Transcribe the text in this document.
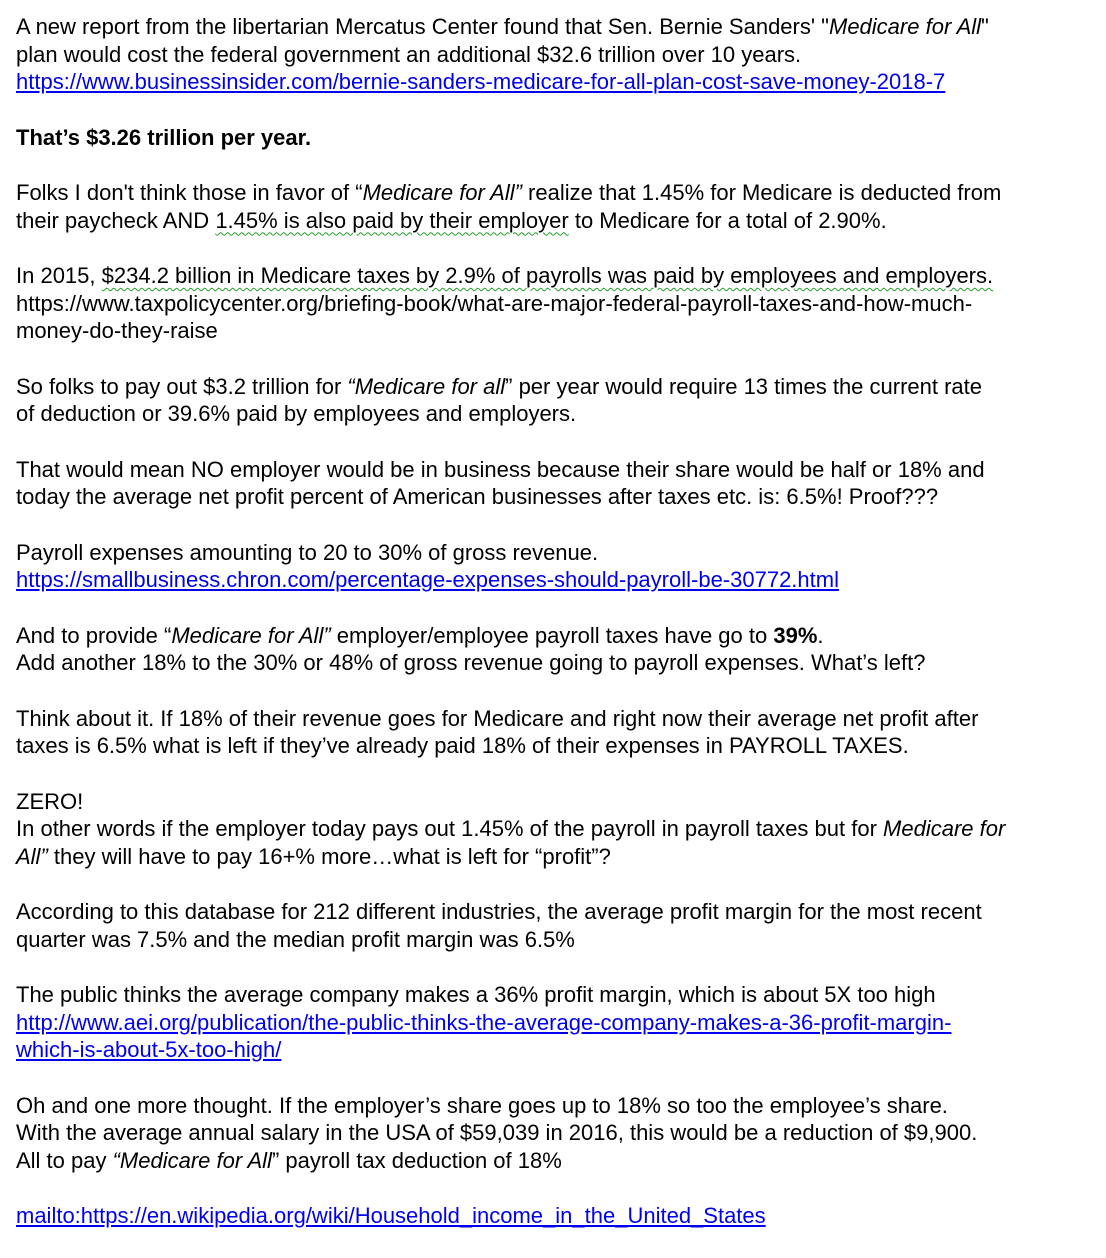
A new report from the libertarian Mercatus Center found that Sen. Bernie Sanders' "Medicare for All"
plan would cost the federal government an additional $32.6 trillion over 10 years.
https://www.businessinsider.com/bernie-sanders-medicare-for-all-plan-cost-save-money-2018-7

That’s $3.26 trillion per year.

Folks I don't think those in favor of “Medicare for All” realize that 1.45% for Medicare is deducted from
their paycheck AND 1.45% is also paid by their employer to Medicare for a total of 2.90%.

In 2015, $234.2 billion in Medicare taxes by 2.9% of payrolls was paid by employees and employers.
https://www.taxpolicycenter.org/briefing-book/what-are-major-federal-payroll-taxes-and-how-much-
money-do-they-raise

So folks to pay out $3.2 trillion for “Medicare for all” per year would require 13 times the current rate
of deduction or 39.6% paid by employees and employers.

That would mean NO employer would be in business because their share would be half or 18% and
today the average net profit percent of American businesses after taxes etc. is: 6.5%! Proof???

Payroll expenses amounting to 20 to 30% of gross revenue.
https://smallbusiness.chron.com/percentage-expenses-should-payroll-be-30772.html

And to provide “Medicare for All” employer/employee payroll taxes have go to 39%.
Add another 18% to the 30% or 48% of gross revenue going to payroll expenses. What’s left?

Think about it. If 18% of their revenue goes for Medicare and right now their average net profit after
taxes is 6.5% what is left if they’ve already paid 18% of their expenses in PAYROLL TAXES.

ZERO!
In other words if the employer today pays out 1.45% of the payroll in payroll taxes but for Medicare for
All” they will have to pay 16+% more…what is left for “profit”?

According to this database for 212 different industries, the average profit margin for the most recent
quarter was 7.5% and the median profit margin was 6.5%

The public thinks the average company makes a 36% profit margin, which is about 5X too high
http://www.aei.org/publication/the-public-thinks-the-average-company-makes-a-36-profit-margin-
which-is-about-5x-too-high/

Oh and one more thought. If the employer’s share goes up to 18% so too the employee’s share.
With the average annual salary in the USA of $59,039 in 2016, this would be a reduction of $9,900.
All to pay “Medicare for All” payroll tax deduction of 18%

mailto:https://en.wikipedia.org/wiki/Household_income_in_the_United_States
